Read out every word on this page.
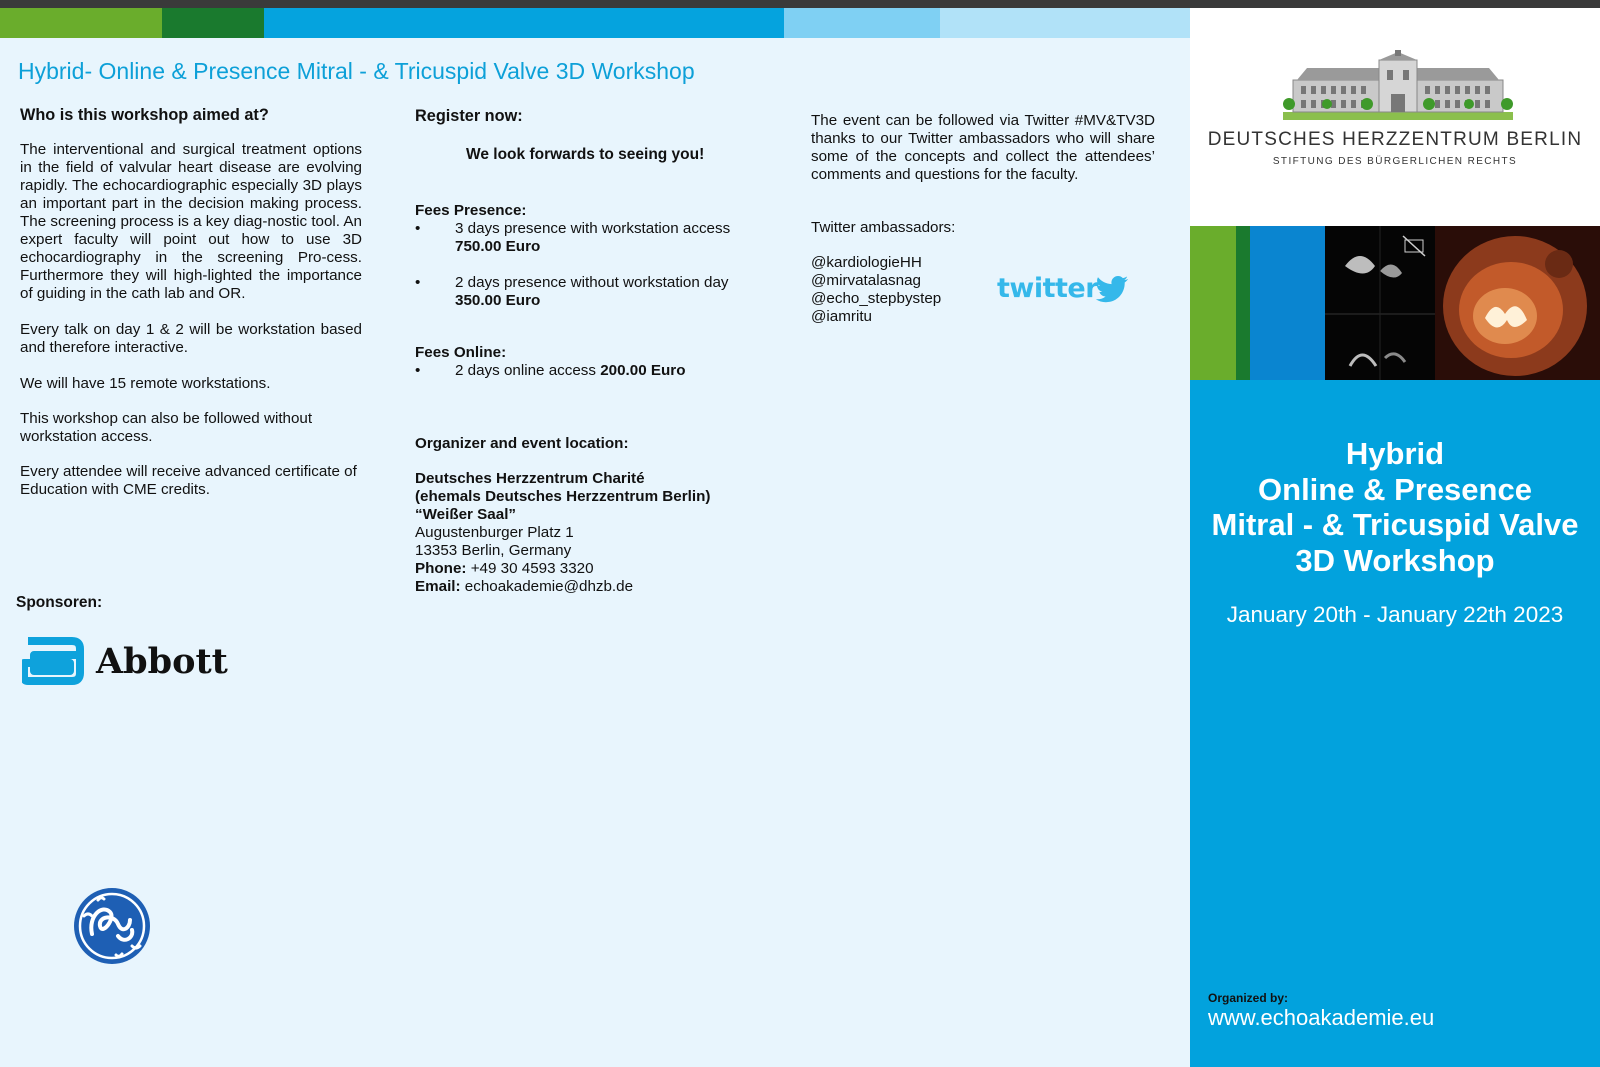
Hybrid- Online & Presence Mitral - & Tricuspid Valve 3D Workshop
Who is this workshop aimed at?
The interventional and surgical treatment options in the field of valvular heart disease are evolving rapidly. The echocardiographic especially 3D plays an important part in the decision making process. The screening process is a key diag-nostic tool. An expert faculty will point out how to use 3D echocardiography in the screening Pro-cess. Furthermore they will high-lighted the importance of guiding in the cath lab and OR.
Every talk on day 1 & 2 will be workstation based and therefore interactive.
We will have 15 remote workstations.
This workshop can also be followed without workstation access.
Every attendee will receive advanced certificate of Education with CME credits.
Sponsoren:
Abbott
Register now:
We look forwards to seeing you!
Fees Presence:
• 3 days presence with workstation access
750.00 Euro
• 2 days presence without workstation day
350.00 Euro
Fees Online:
• 2 days online access 200.00 Euro
Organizer and event location:
Deutsches Herzzentrum Charité
(ehemals Deutsches Herzzentrum Berlin)
“Weißer Saal”
Augustenburger Platz 1
13353 Berlin, Germany
Phone: +49 30 4593 3320
Email: echoakademie@dhzb.de
The event can be followed via Twitter #MV&TV3D thanks to our Twitter ambassadors who will share some of the concepts and collect the attendees’ comments and questions for the faculty.
Twitter ambassadors:
@kardiologieHH
@mirvatalasnag
@echo_stepbystep
@iamritu
twitter
DEUTSCHES HERZZENTRUM BERLIN
STIFTUNG DES BÜRGERLICHEN RECHTS
Hybrid
Online & Presence
Mitral - & Tricuspid Valve
3D Workshop
January 20th - January 22th 2023
Organized by:
www.echoakademie.eu
